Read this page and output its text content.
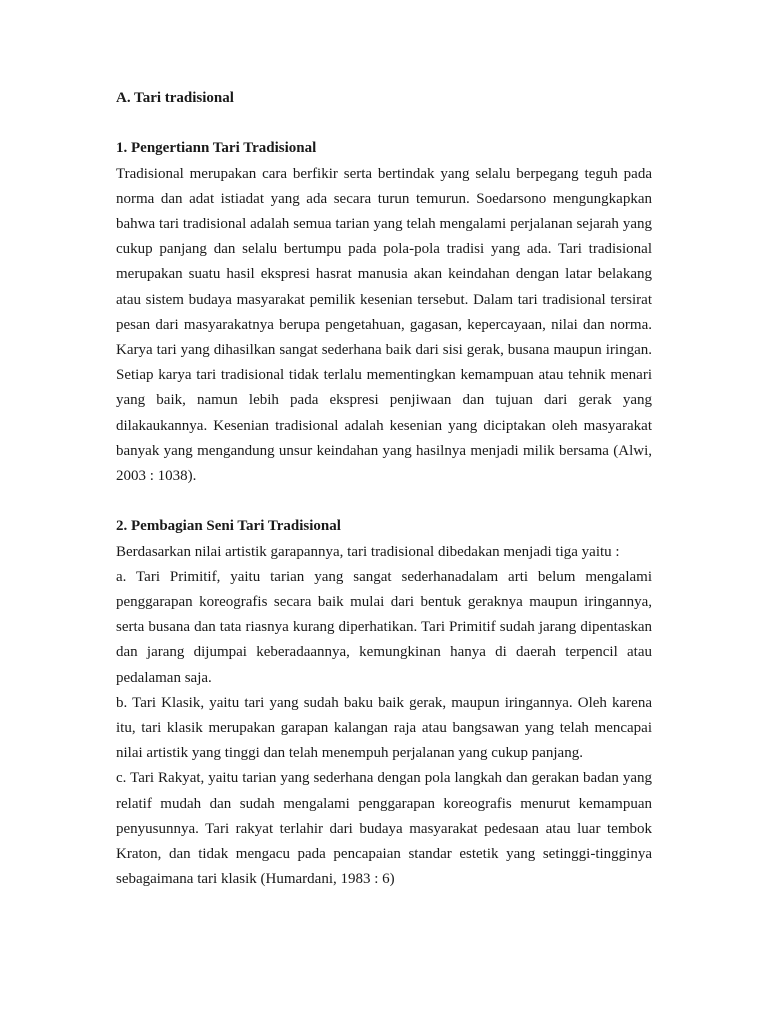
A. Tari tradisional

1. Pengertiann Tari Tradisional

Tradisional merupakan cara berfikir serta bertindak yang selalu berpegang teguh pada norma dan adat istiadat yang ada secara turun temurun. Soedarsono mengungkapkan bahwa tari tradisional adalah semua tarian yang telah mengalami perjalanan sejarah yang cukup panjang dan selalu bertumpu pada pola-pola tradisi yang ada. Tari tradisional merupakan suatu hasil ekspresi hasrat manusia akan keindahan dengan latar belakang atau sistem budaya masyarakat pemilik kesenian tersebut. Dalam tari tradisional tersirat pesan dari masyarakatnya berupa pengetahuan, gagasan, kepercayaan, nilai dan norma. Karya tari yang dihasilkan sangat sederhana baik dari sisi gerak, busana maupun iringan. Setiap karya tari tradisional tidak terlalu mementingkan kemampuan atau tehnik menari yang baik, namun lebih pada ekspresi penjiwaan dan tujuan dari gerak yang dilakaukannya. Kesenian tradisional adalah kesenian yang diciptakan oleh masyarakat banyak yang mengandung unsur keindahan yang hasilnya menjadi milik bersama (Alwi, 2003 : 1038).

2. Pembagian Seni Tari Tradisional

Berdasarkan nilai artistik garapannya, tari tradisional dibedakan menjadi tiga yaitu :

a. Tari Primitif, yaitu tarian yang sangat sederhanadalam arti belum mengalami penggarapan koreografis secara baik mulai dari bentuk geraknya maupun iringannya, serta busana dan tata riasnya kurang diperhatikan. Tari Primitif sudah jarang dipentaskan dan jarang dijumpai keberadaannya, kemungkinan hanya di daerah terpencil atau pedalaman saja.

b. Tari Klasik, yaitu tari yang sudah baku baik gerak, maupun iringannya. Oleh karena itu, tari klasik merupakan garapan kalangan raja atau bangsawan yang telah mencapai nilai artistik yang tinggi dan telah menempuh perjalanan yang cukup panjang.

c. Tari Rakyat, yaitu tarian yang sederhana dengan pola langkah dan gerakan badan yang relatif mudah dan sudah mengalami penggarapan koreografis menurut kemampuan penyusunnya. Tari rakyat terlahir dari budaya masyarakat pedesaan atau luar tembok Kraton, dan tidak mengacu pada pencapaian standar estetik yang setinggi-tingginya sebagaimana tari klasik (Humardani, 1983 : 6)
